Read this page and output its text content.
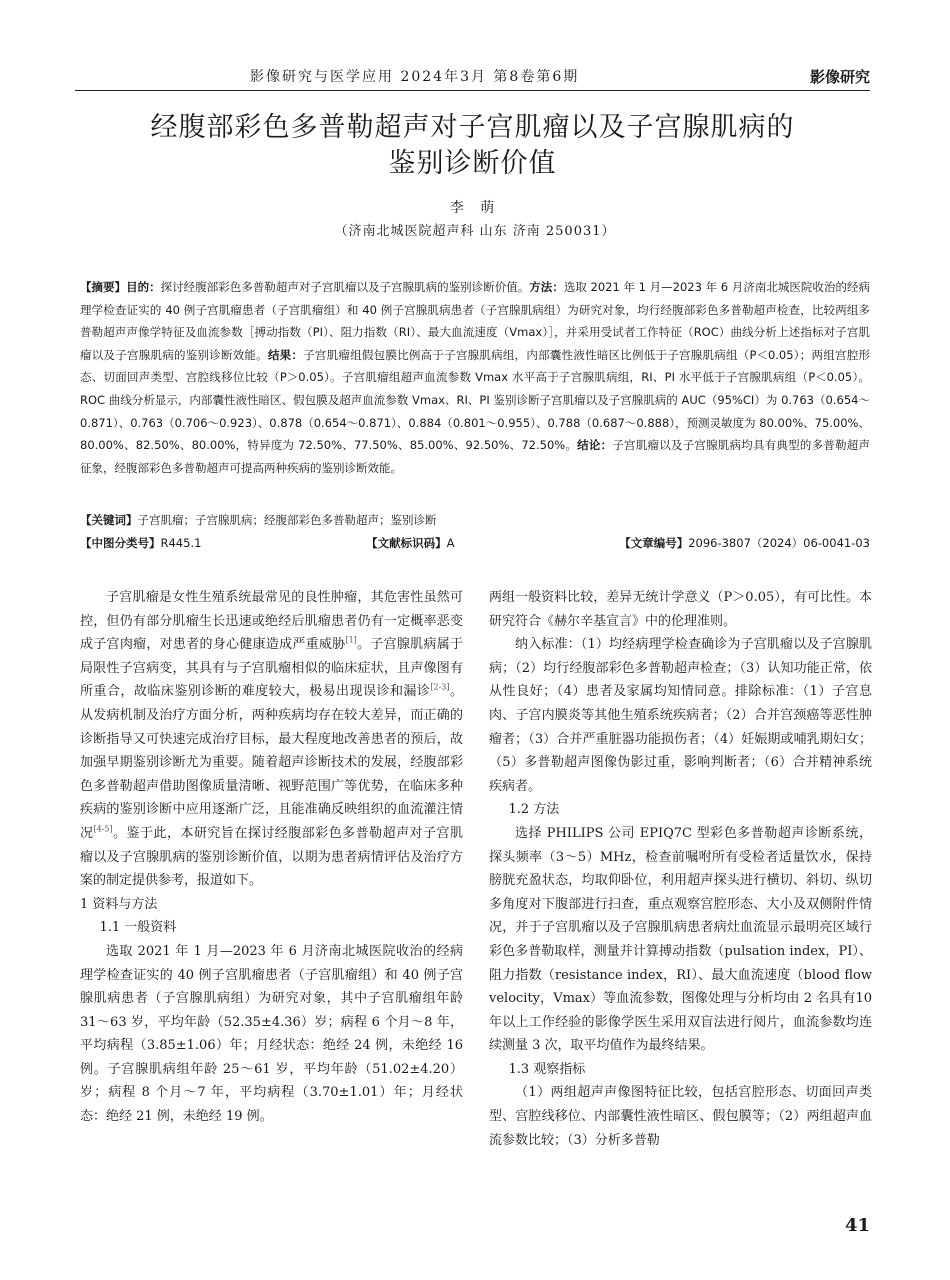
影像研究与医学应用 2024年3月 第8卷第6期	影像研究
经腹部彩色多普勒超声对子宫肌瘤以及子宫腺肌病的
鉴别诊断价值
李 萌
（济南北城医院超声科 山东 济南 250031）
【摘要】目的：探讨经腹部彩色多普勒超声对子宫肌瘤以及子宫腺肌病的鉴别诊断价值。方法：选取 2021 年 1 月—2023 年 6 月济南北城医院收治的经病理学检查证实的 40 例子宫肌瘤患者（子宫肌瘤组）和 40 例子宫腺肌病患者（子宫腺肌病组）为研究对象，均行经腹部彩色多普勒超声检查，比较两组多普勒超声声像学特征及血流参数［搏动指数（PI）、阻力指数（RI）、最大血流速度（Vmax）］，并采用受试者工作特征（ROC）曲线分析上述指标对子宫肌瘤以及子宫腺肌病的鉴别诊断效能。结果：子宫肌瘤组假包膜比例高于子宫腺肌病组，内部囊性液性暗区比例低于子宫腺肌病组（P＜0.05）；两组宫腔形态、切面回声类型、宫腔线移位比较（P＞0.05）。子宫肌瘤组超声血流参数 Vmax 水平高于子宫腺肌病组，RI、PI 水平低于子宫腺肌病组（P＜0.05）。ROC 曲线分析显示，内部囊性液性暗区、假包膜及超声血流参数 Vmax、RI、PI 鉴别诊断子宫肌瘤以及子宫腺肌病的 AUC（95%CI）为 0.763（0.654～0.871）、0.763（0.706～0.923）、0.878（0.654～0.871）、0.884（0.801～0.955）、0.788（0.687～0.888），预测灵敏度为 80.00%、75.00%、80.00%、82.50%、80.00%，特异度为 72.50%、77.50%、85.00%、92.50%、72.50%。结论：子宫肌瘤以及子宫腺肌病均具有典型的多普勒超声征象，经腹部彩色多普勒超声可提高两种疾病的鉴别诊断效能。
【关键词】子宫肌瘤；子宫腺肌病；经腹部彩色多普勒超声；鉴别诊断
【中图分类号】R445.1	【文献标识码】A	【文章编号】2096-3807（2024）06-0041-03

子宫肌瘤是女性生殖系统最常见的良性肿瘤，其危害性虽然可控，但仍有部分肌瘤生长迅速或绝经后肌瘤患者仍有一定概率恶变成子宫肉瘤，对患者的身心健康造成严重威胁[1]。子宫腺肌病属于局限性子宫病变，其具有与子宫肌瘤相似的临床症状，且声像图有所重合，故临床鉴别诊断的难度较大，极易出现误诊和漏诊[2-3]。从发病机制及治疗方面分析，两种疾病均存在较大差异，而正确的诊断指导又可快速完成治疗目标，最大程度地改善患者的预后，故加强早期鉴别诊断尤为重要。随着超声诊断技术的发展，经腹部彩色多普勒超声借助图像质量清晰、视野范围广等优势，在临床多种疾病的鉴别诊断中应用逐渐广泛，且能准确反映组织的血流灌注情况[4-5]。鉴于此，本研究旨在探讨经腹部彩色多普勒超声对子宫肌瘤以及子宫腺肌病的鉴别诊断价值，以期为患者病情评估及治疗方案的制定提供参考，报道如下。

1 资料与方法

1.1 一般资料

选取 2021 年 1 月—2023 年 6 月济南北城医院收治的经病理学检查证实的 40 例子宫肌瘤患者（子宫肌瘤组）和 40 例子宫腺肌病患者（子宫腺肌病组）为研究对象，其中子宫肌瘤组年龄 31～63 岁，平均年龄（52.35±4.36）岁；病程 6 个月～8 年，平均病程（3.85±1.06）年；月经状态：绝经 24 例，未绝经 16 例。子宫腺肌病组年龄 25～61 岁，平均年龄（51.02±4.20）岁；病程 8 个月～7 年，平均病程（3.70±1.01）年；月经状态：绝经 21 例，未绝经 19 例。

两组一般资料比较，差异无统计学意义（P＞0.05），有可比性。本研究符合《赫尔辛基宣言》中的伦理准则。

纳入标准：（1）均经病理学检查确诊为子宫肌瘤以及子宫腺肌病；（2）均行经腹部彩色多普勒超声检查；（3）认知功能正常，依从性良好；（4）患者及家属均知情同意。排除标准：（1）子宫息肉、子宫内膜炎等其他生殖系统疾病者；（2）合并宫颈癌等恶性肿瘤者；（3）合并严重脏器功能损伤者；（4）妊娠期或哺乳期妇女；（5）多普勒超声图像伪影过重，影响判断者；（6）合并精神系统疾病者。

1.2 方法

选择 PHILIPS 公司 EPIQ7C 型彩色多普勒超声诊断系统，探头频率（3～5）MHz，检查前嘱咐所有受检者适量饮水，保持膀胱充盈状态，均取仰卧位，利用超声探头进行横切、斜切、纵切多角度对下腹部进行扫查，重点观察宫腔形态、大小及双侧附件情况，并于子宫肌瘤以及子宫腺肌病患者病灶血流显示最明亮区域行彩色多普勒取样，测量并计算搏动指数（pulsation index，PI）、阻力指数（resistance index，RI）、最大血流速度（blood flow velocity，Vmax）等血流参数，图像处理与分析均由 2 名具有10年以上工作经验的影像学医生采用双盲法进行阅片，血流参数均连续测量 3 次，取平均值作为最终结果。

1.3 观察指标

（1）两组超声声像图特征比较，包括宫腔形态、切面回声类型、宫腔线移位、内部囊性液性暗区、假包膜等；（2）两组超声血流参数比较；（3）分析多普勒

41
